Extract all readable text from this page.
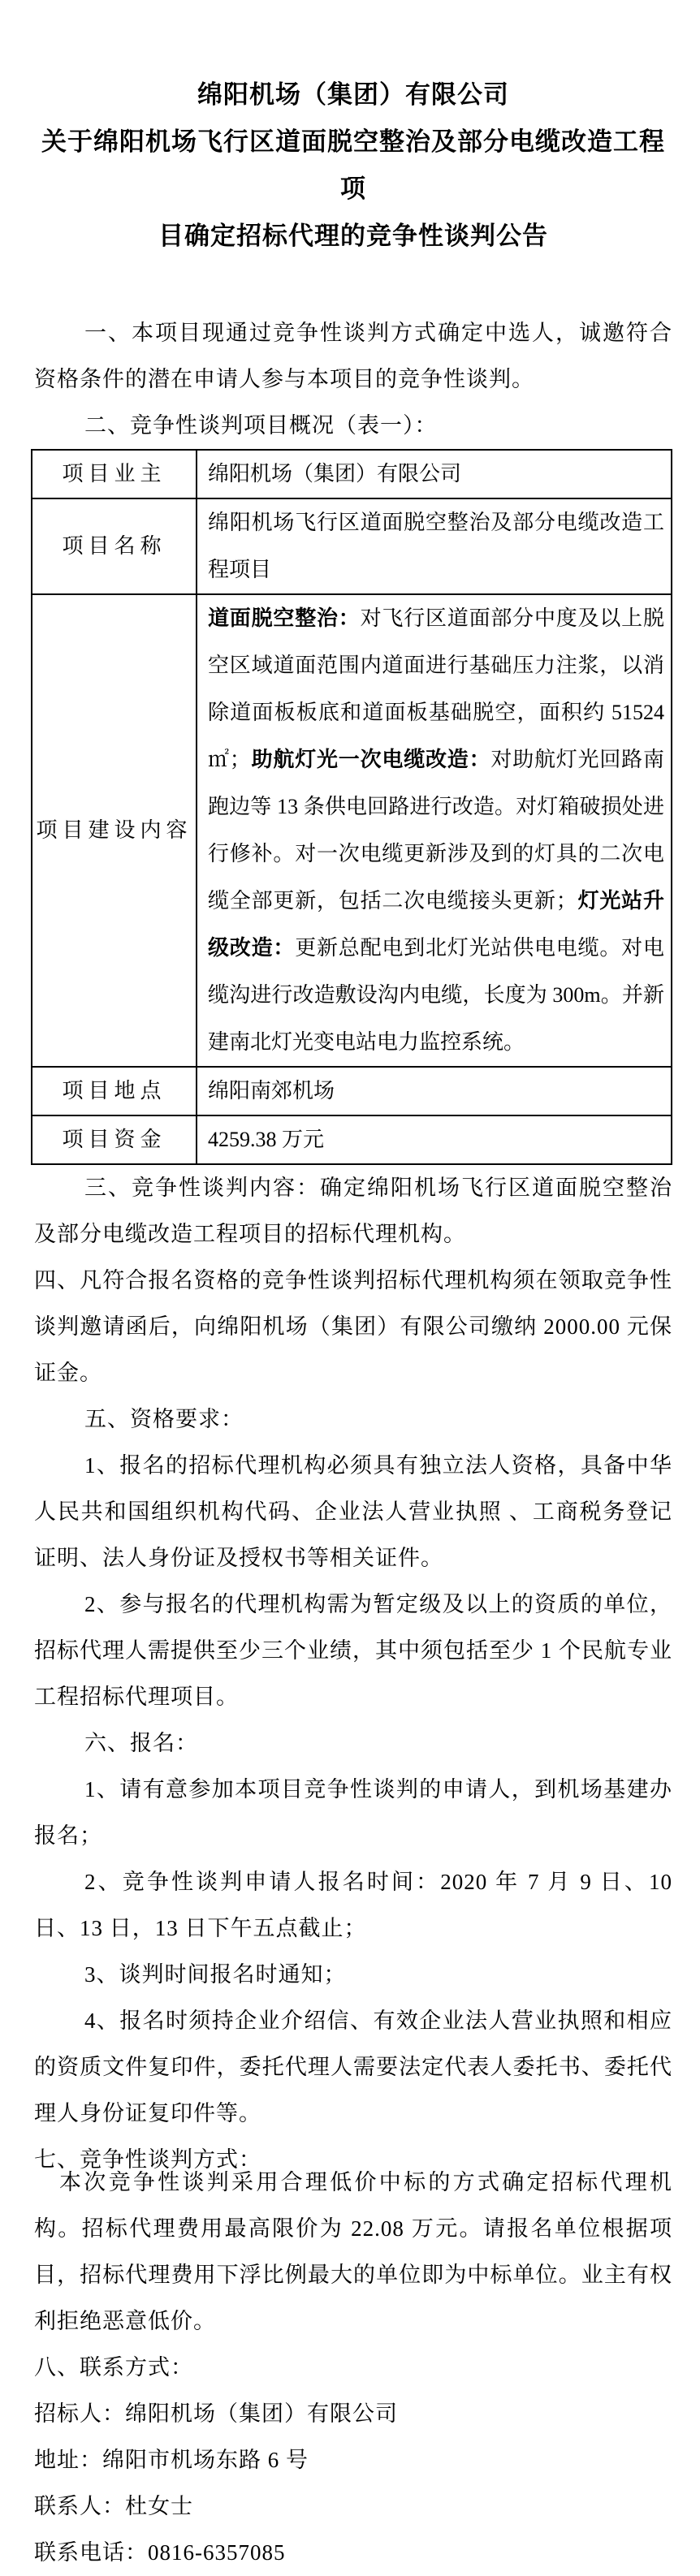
绵阳机场（集团）有限公司
关于绵阳机场飞行区道面脱空整治及部分电缆改造工程项
目确定招标代理的竞争性谈判公告

一、本项目现通过竞争性谈判方式确定中选人，诚邀符合资格条件的潜在申请人参与本项目的竞争性谈判。

二、竞争性谈判项目概况（表一）：

项目业主	绵阳机场（集团）有限公司
项目名称	绵阳机场飞行区道面脱空整治及部分电缆改造工程项目
项目建设内容	道面脱空整治：对飞行区道面部分中度及以上脱空区域道面范围内道面进行基础压力注浆，以消除道面板板底和道面板基础脱空，面积约 51524 ㎡；助航灯光一次电缆改造：对助航灯光回路南跑边等 13 条供电回路进行改造。对灯箱破损处进行修补。对一次电缆更新涉及到的灯具的二次电缆全部更新，包括二次电缆接头更新；灯光站升级改造：更新总配电到北灯光站供电电缆。对电缆沟进行改造敷设沟内电缆，长度为 300m。并新建南北灯光变电站电力监控系统。
项目地点	绵阳南郊机场
项目资金	4259.38 万元

三、竞争性谈判内容：确定绵阳机场飞行区道面脱空整治及部分电缆改造工程项目的招标代理机构。

四、凡符合报名资格的竞争性谈判招标代理机构须在领取竞争性谈判邀请函后，向绵阳机场（集团）有限公司缴纳 2000.00 元保证金。

五、资格要求：

1、报名的招标代理机构必须具有独立法人资格，具备中华人民共和国组织机构代码、企业法人营业执照 、工商税务登记证明、法人身份证及授权书等相关证件。

2、参与报名的代理机构需为暂定级及以上的资质的单位，招标代理人需提供至少三个业绩，其中须包括至少 1 个民航专业工程招标代理项目。

六、报名：

1、请有意参加本项目竞争性谈判的申请人，到机场基建办报名；

2、竞争性谈判申请人报名时间：2020 年 7 月 9 日、10 日、13 日，13 日下午五点截止；

3、谈判时间报名时通知；

4、报名时须持企业介绍信、有效企业法人营业执照和相应的资质文件复印件，委托代理人需要法定代表人委托书、委托代理人身份证复印件等。

七、竞争性谈判方式：

本次竞争性谈判采用合理低价中标的方式确定招标代理机构。招标代理费用最高限价为 22.08 万元。请报名单位根据项目，招标代理费用下浮比例最大的单位即为中标单位。业主有权利拒绝恶意低价。

八、联系方式：

招标人：绵阳机场（集团）有限公司

地址：绵阳市机场东路 6 号

联系人：杜女士

联系电话：0816-6357085
